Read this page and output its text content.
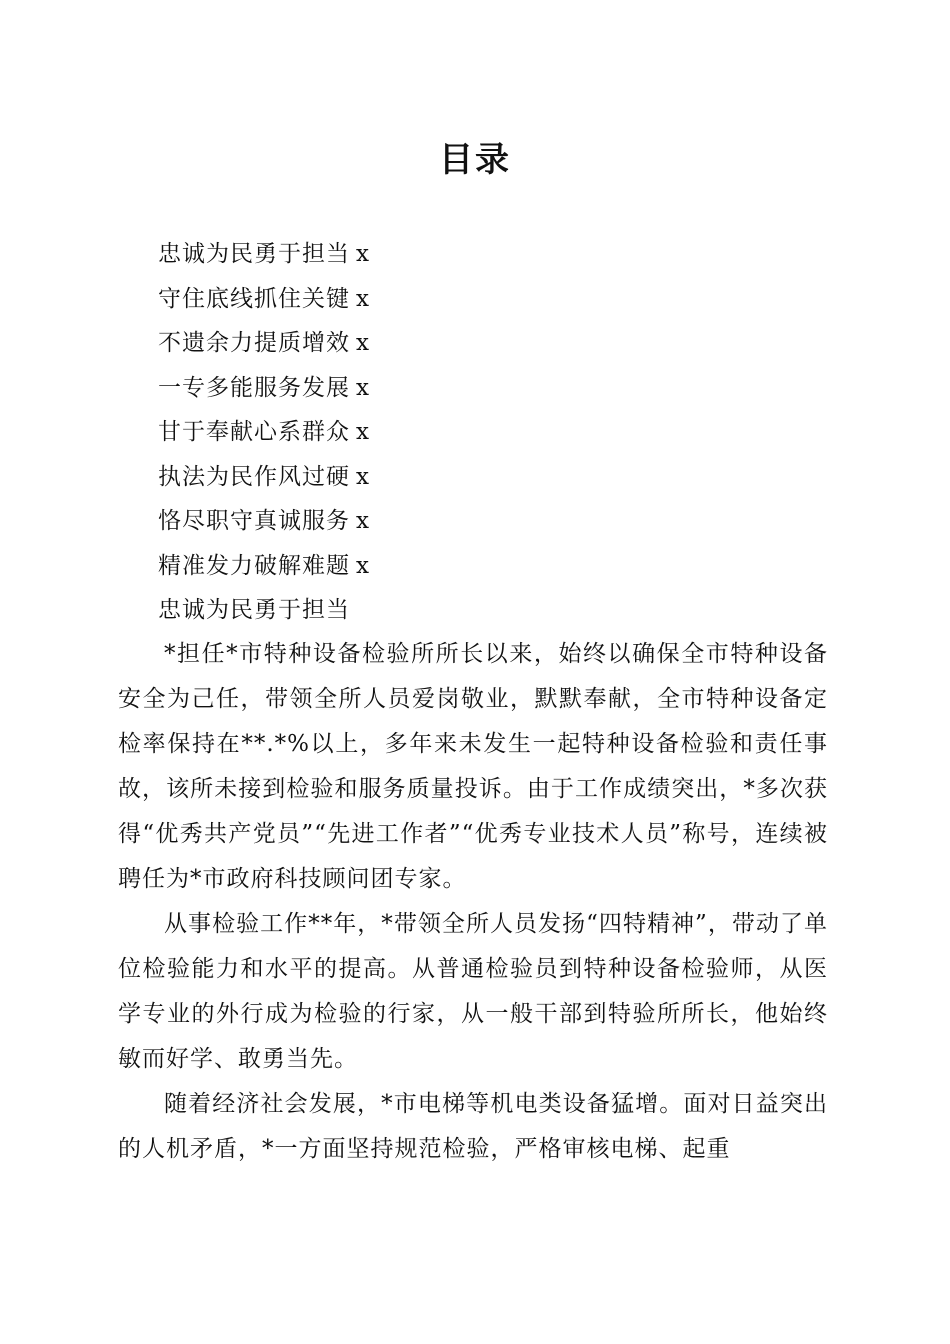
目录
忠诚为民勇于担当 x
守住底线抓住关键 x
不遗余力提质增效 x
一专多能服务发展 x
甘于奉献心系群众 x
执法为民作风过硬 x
恪尽职守真诚服务 x
精准发力破解难题 x
忠诚为民勇于担当

*担任*市特种设备检验所所长以来，始终以确保全市特种设备安全为己任，带领全所人员爱岗敬业，默默奉献，全市特种设备定检率保持在**.*%以上，多年来未发生一起特种设备检验和责任事故，该所未接到检验和服务质量投诉。由于工作成绩突出，*多次获得“优秀共产党员”“先进工作者”“优秀专业技术人员”称号，连续被聘任为*市政府科技顾问团专家。

从事检验工作**年，*带领全所人员发扬“四特精神”，带动了单位检验能力和水平的提高。从普通检验员到特种设备检验师，从医学专业的外行成为检验的行家，从一般干部到特验所所长，他始终敏而好学、敢勇当先。

随着经济社会发展，*市电梯等机电类设备猛增。面对日益突出的人机矛盾，*一方面坚持规范检验，严格审核电梯、起重
